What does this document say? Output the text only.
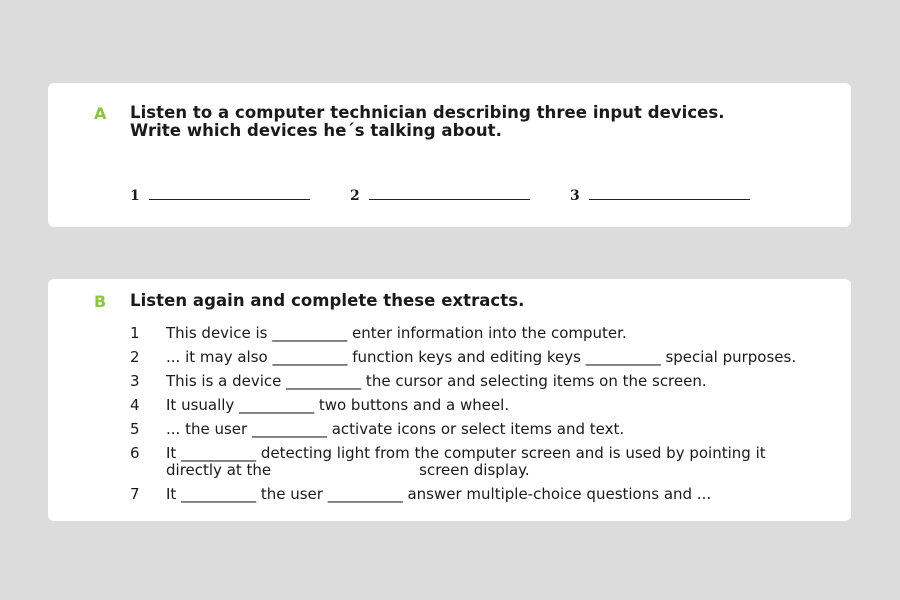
A Listen to a computer technician describing three input devices.
Write which devices he´s talking about.
1	2	3
B Listen again and complete these extracts.
1 This device is __________ enter information into the computer.
2 ... it may also __________ function keys and editing keys __________ special purposes.
3 This is a device __________ the cursor and selecting items on the screen.
4 It usually __________ two buttons and a wheel.
5 ... the user __________ activate icons or select items and text.
6 It __________ detecting light from the computer screen and is used by pointing it
directly at the	screen display.
7 It __________ the user __________ answer multiple-choice questions and ...
